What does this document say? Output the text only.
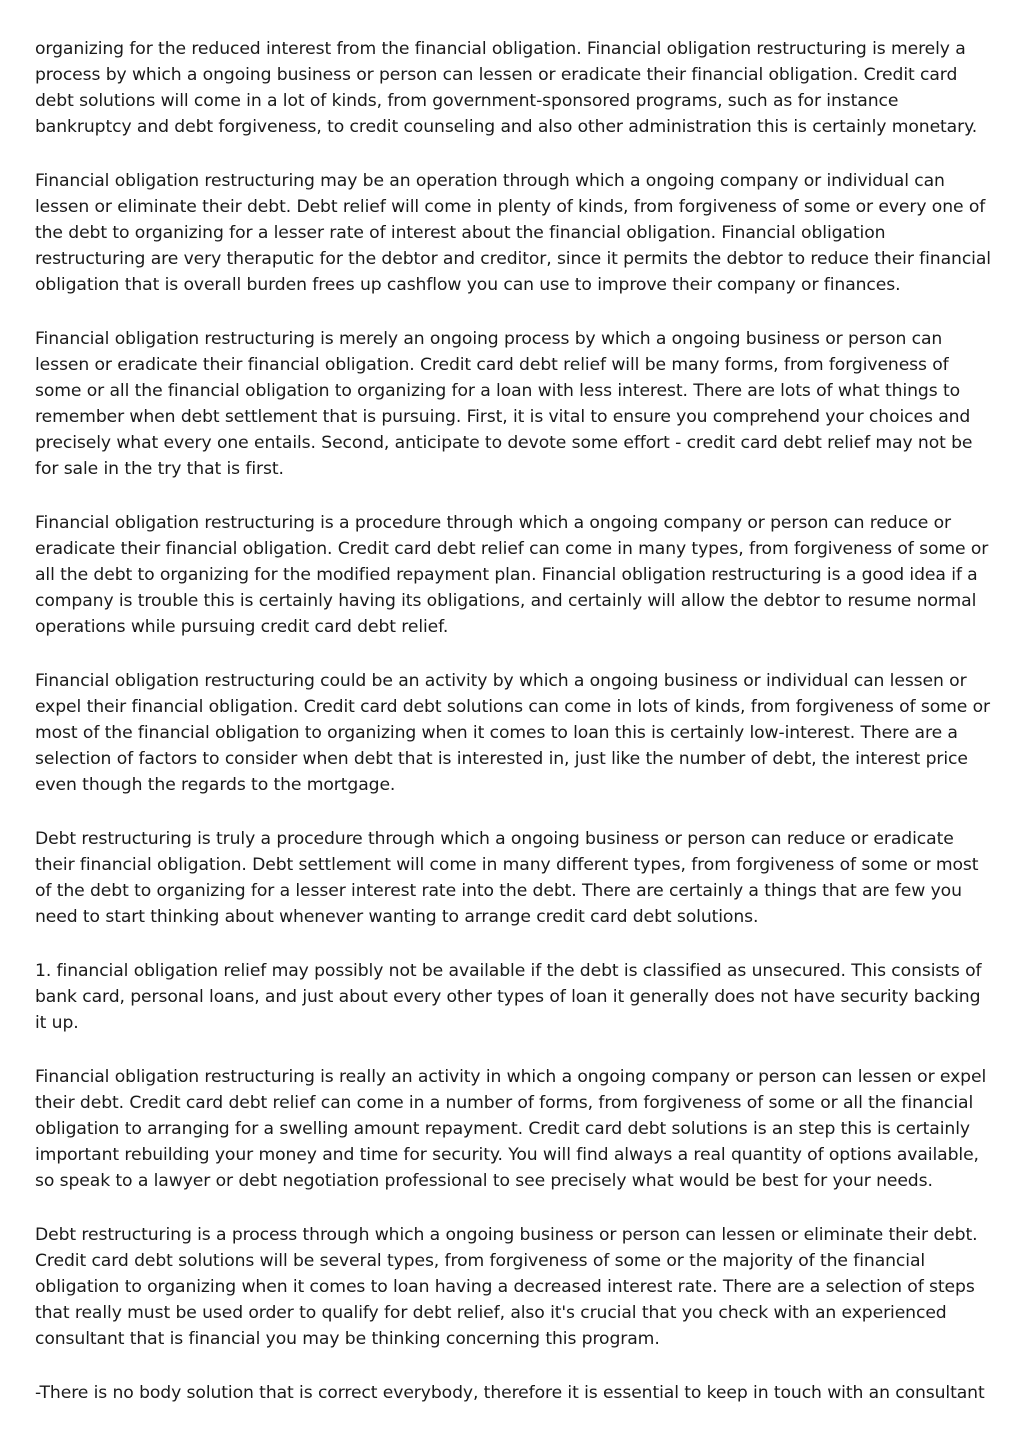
organizing for the reduced interest from the financial obligation. Financial obligation restructuring is merely a process by which a ongoing business or person can lessen or eradicate their financial obligation. Credit card debt solutions will come in a lot of kinds, from government-sponsored programs, such as for instance bankruptcy and debt forgiveness, to credit counseling and also other administration this is certainly monetary.

Financial obligation restructuring may be an operation through which a ongoing company or individual can lessen or eliminate their debt. Debt relief will come in plenty of kinds, from forgiveness of some or every one of the debt to organizing for a lesser rate of interest about the financial obligation. Financial obligation restructuring are very theraputic for the debtor and creditor, since it permits the debtor to reduce their financial obligation that is overall burden frees up cashflow you can use to improve their company or finances.

Financial obligation restructuring is merely an ongoing process by which a ongoing business or person can lessen or eradicate their financial obligation. Credit card debt relief will be many forms, from forgiveness of some or all the financial obligation to organizing for a loan with less interest. There are lots of what things to remember when debt settlement that is pursuing. First, it is vital to ensure you comprehend your choices and precisely what every one entails. Second, anticipate to devote some effort - credit card debt relief may not be for sale in the try that is first.

Financial obligation restructuring is a procedure through which a ongoing company or person can reduce or eradicate their financial obligation. Credit card debt relief can come in many types, from forgiveness of some or all the debt to organizing for the modified repayment plan. Financial obligation restructuring is a good idea if a company is trouble this is certainly having its obligations, and certainly will allow the debtor to resume normal operations while pursuing credit card debt relief.

Financial obligation restructuring could be an activity by which a ongoing business or individual can lessen or expel their financial obligation. Credit card debt solutions can come in lots of kinds, from forgiveness of some or most of the financial obligation to organizing when it comes to loan this is certainly low-interest. There are a selection of factors to consider when debt that is interested in, just like the number of debt, the interest price even though the regards to the mortgage.

Debt restructuring is truly a procedure through which a ongoing business or person can reduce or eradicate their financial obligation. Debt settlement will come in many different types, from forgiveness of some or most of the debt to organizing for a lesser interest rate into the debt. There are certainly a things that are few you need to start thinking about whenever wanting to arrange credit card debt solutions.

1. financial obligation relief may possibly not be available if the debt is classified as unsecured. This consists of bank card, personal loans, and just about every other types of loan it generally does not have security backing it up.

Financial obligation restructuring is really an activity in which a ongoing company or person can lessen or expel their debt. Credit card debt relief can come in a number of forms, from forgiveness of some or all the financial obligation to arranging for a swelling amount repayment. Credit card debt solutions is an step this is certainly important rebuilding your money and time for security. You will find always a real quantity of options available, so speak to a lawyer or debt negotiation professional to see precisely what would be best for your needs.

Debt restructuring is a process through which a ongoing business or person can lessen or eliminate their debt. Credit card debt solutions will be several types, from forgiveness of some or the majority of the financial obligation to organizing when it comes to loan having a decreased interest rate. There are a selection of steps that really must be used order to qualify for debt relief, also it's crucial that you check with an experienced consultant that is financial you may be thinking concerning this program.

-There is no body solution that is correct everybody, therefore it is essential to keep in touch with an consultant
